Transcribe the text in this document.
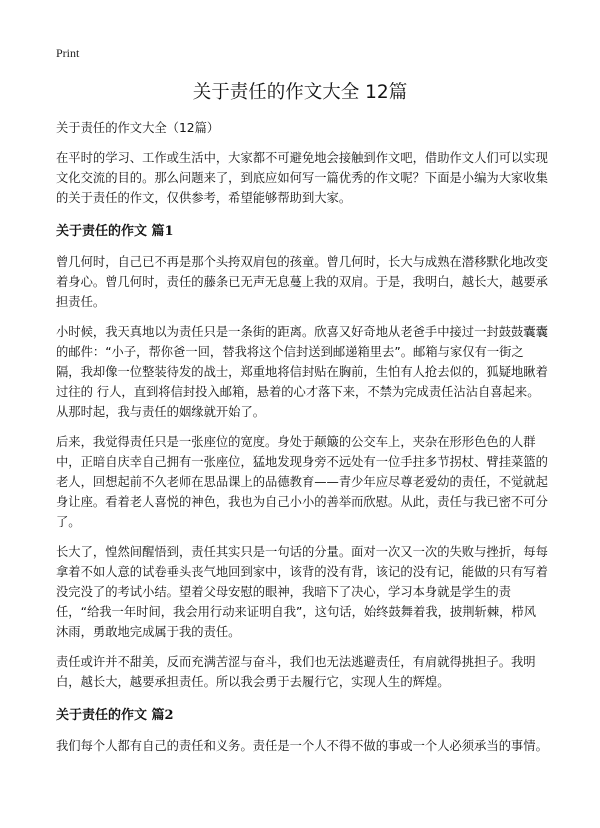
Print
关于责任的作文大全 12篇

关于责任的作文大全（12篇）

在平时的学习、工作或生活中，大家都不可避免地会接触到作文吧，借助作文人们可以实现文化交流的目的。那么问题来了，到底应如何写一篇优秀的作文呢？下面是小编为大家收集的关于责任的作文，仅供参考，希望能够帮助到大家。

关于责任的作文 篇1

曾几何时，自己已不再是那个头挎双肩包的孩童。曾几何时，长大与成熟在潜移默化地改变着身心。曾几何时，责任的藤条已无声无息蔓上我的双肩。于是，我明白，越长大，越要承担责任。

小时候，我天真地以为责任只是一条街的距离。欣喜又好奇地从老爸手中接过一封鼓鼓囊囊的邮件：“小子，帮你爸一回，替我将这个信封送到邮递箱里去”。邮箱与家仅有一街之隔，我却像一位整装待发的战士，郑重地将信封贴在胸前，生怕有人抢去似的，狐疑地瞅着过往的 行人，直到将信封投入邮箱，悬着的心才落下来，不禁为完成责任沾沾自喜起来。从那时起，我与责任的姻缘就开始了。

后来，我觉得责任只是一张座位的宽度。身处于颠簸的公交车上，夹杂在形形色色的人群中，正暗自庆幸自己拥有一张座位，猛地发现身旁不远处有一位手拄多节拐杖、臂挂菜篮的老人，回想起前不久老师在思品课上的品德教育——青少年应尽尊老爱幼的责任，不觉就起身让座。看着老人喜悦的神色，我也为自己小小的善举而欣慰。从此，责任与我已密不可分了。

长大了，惶然间醒悟到，责任其实只是一句话的分量。面对一次又一次的失败与挫折，每每拿着不如人意的试卷垂头丧气地回到家中，该背的没有背，该记的没有记，能做的只有写着没完没了的考试小结。望着父母安慰的眼神，我暗下了决心，学习本身就是学生的责任，“给我一年时间，我会用行动来证明自我”，这句话，始终鼓舞着我，披荆斩棘，栉风沐雨，勇敢地完成属于我的责任。

责任或许并不甜美，反而充满苦涩与奋斗，我们也无法逃避责任，有肩就得挑担子。我明白，越长大，越要承担责任。所以我会勇于去履行它，实现人生的辉煌。

关于责任的作文 篇2

我们每个人都有自己的责任和义务。责任是一个人不得不做的事或一个人必须承当的事情。
